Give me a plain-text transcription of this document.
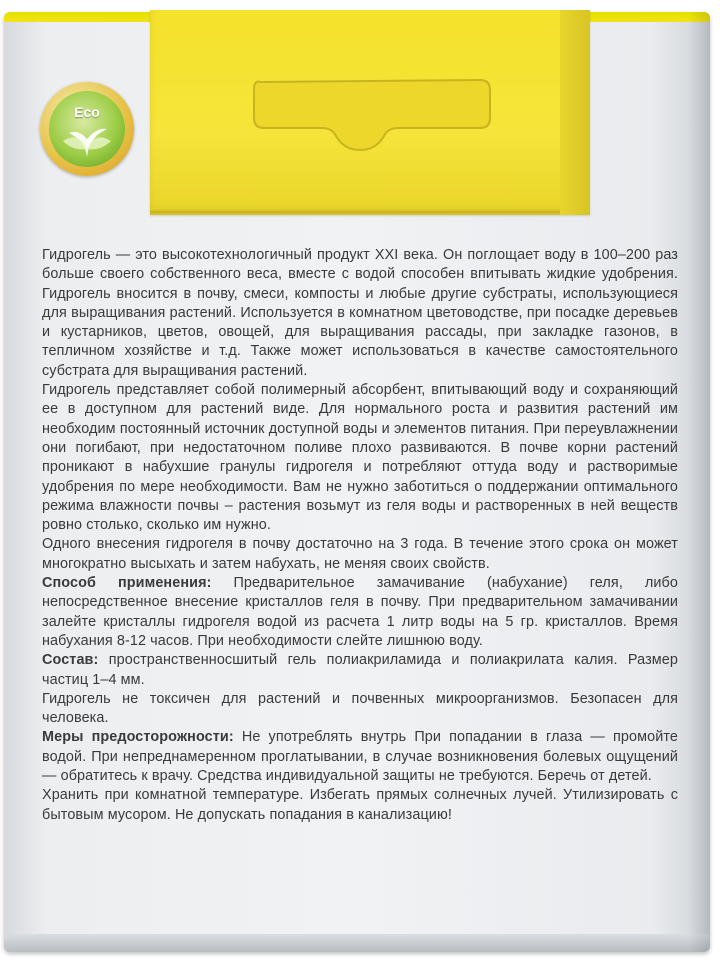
Eco

Гидрогель — это высокотехнологичный продукт XXI века. Он поглощает воду в 100–200 раз больше своего собственного веса, вместе с водой способен впитывать жидкие удобрения. Гидрогель вносится в почву, смеси, компосты и любые другие субстраты, использующиеся для выращивания растений. Используется в комнатном цветоводстве, при посадке деревьев и кустарников, цветов, овощей, для выращивания рассады, при закладке газонов, в тепличном хозяйстве и т.д. Также может использоваться в качестве самостоятельного субстрата для выращивания растений.

Гидрогель представляет собой полимерный абсорбент, впитывающий воду и сохраняющий ее в доступном для растений виде. Для нормального роста и развития растений им необходим постоянный источник доступной воды и элементов питания. При переувлажнении они погибают, при недостаточном поливе плохо развиваются. В почве корни растений проникают в набухшие гранулы гидрогеля и потребляют оттуда воду и растворимые удобрения по мере необходимости. Вам не нужно заботиться о поддержании оптимального режима влажности почвы – растения возьмут из геля воды и растворенных в ней веществ ровно столько, сколько им нужно.

Одного внесения гидрогеля в почву достаточно на 3 года. В течение этого срока он может многократно высыхать и затем набухать, не меняя своих свойств.

Способ применения: Предварительное замачивание (набухание) геля, либо непосредственное внесение кристаллов геля в почву. При предварительном замачивании залейте кристаллы гидрогеля водой из расчета 1 литр воды на 5 гр. кристаллов. Время набухания 8-12 часов. При необходимости слейте лишнюю воду.

Состав: пространственносшитый гель полиакриламида и полиакрилата калия. Размер частиц 1–4 мм.

Гидрогель не токсичен для растений и почвенных микроорганизмов. Безопасен для человека.

Меры предосторожности: Не употреблять внутрь При попадании в глаза — промойте водой. При непреднамеренном проглатывании, в случае возникновения болевых ощущений — обратитесь к врачу. Средства индивидуальной защиты не требуются. Беречь от детей.

Хранить при комнатной температуре. Избегать прямых солнечных лучей. Утилизировать с бытовым мусором. Не допускать попадания в канализацию!
